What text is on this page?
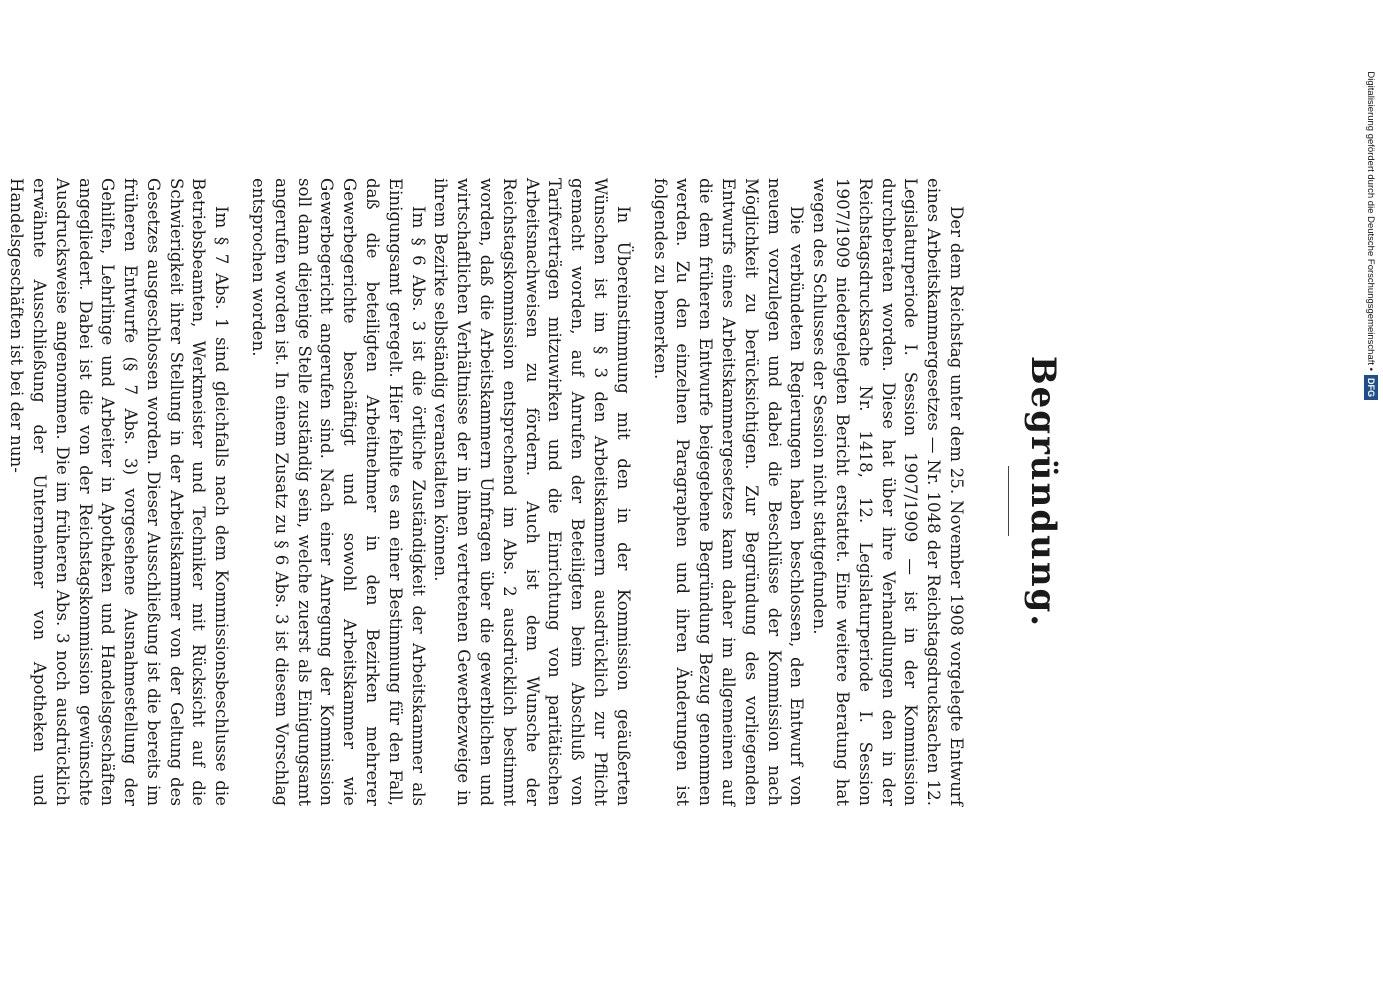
Begründung.

Der dem Reichstag unter dem 25. November 1908 vorgelegte Entwurf eines Arbeitskammergesetzes — Nr. 1048 der Reichstagsdrucksachen 12. Legislaturperiode I. Session 1907/1909 — ist in der Kommission durchberaten worden. Diese hat über ihre Verhandlungen den in der Reichstagsdrucksache Nr. 1418, 12. Legislaturperiode I. Session 1907/1909 niedergelegten Bericht erstattet. Eine weitere Beratung hat wegen des Schlusses der Session nicht stattgefunden.

Die verbündeten Regierungen haben beschlossen, den Entwurf von neuem vorzulegen und dabei die Beschlüsse der Kommission nach Möglichkeit zu berücksichtigen. Zur Begründung des vorliegenden Entwurfs eines Arbeitskammergesetzes kann daher im allgemeinen auf die dem früheren Entwurfe beigegebene Begründung Bezug genommen werden. Zu den einzelnen Paragraphen und ihren Änderungen ist folgendes zu bemerken.

In Übereinstimmung mit den in der Kommission geäußerten Wünschen ist im § 3 den Arbeitskammern ausdrücklich zur Pflicht gemacht worden, auf Anrufen der Beteiligten beim Abschluß von Tarifverträgen mitzuwirken und die Einrichtung von paritätischen Arbeitsnachweisen zu fördern. Auch ist dem Wunsche der Reichstagskommission entsprechend im Abs. 2 ausdrücklich bestimmt worden, daß die Arbeitskammern Umfragen über die gewerblichen und wirtschaftlichen Verhältnisse der in ihnen vertretenen Gewerbezweige in ihrem Bezirke selbständig veranstalten können.

Im § 6 Abs. 3 ist die örtliche Zuständigkeit der Arbeitskammer als Einigungsamt geregelt. Hier fehlte es an einer Bestimmung für den Fall, daß die beteiligten Arbeitnehmer in den Bezirken mehrerer Gewerbegerichte beschäftigt und sowohl Arbeitskammer wie Gewerbegericht angerufen sind. Nach einer Anregung der Kommission soll dann diejenige Stelle zuständig sein, welche zuerst als Einigungsamt angerufen worden ist. In einem Zusatz zu § 6 Abs. 3 ist diesem Vorschlag entsprochen worden.

Im § 7 Abs. 1 sind gleichfalls nach dem Kommissionsbeschlusse die Betriebsbeamten, Werkmeister und Techniker mit Rücksicht auf die Schwierigkeit ihrer Stellung in der Arbeitskammer von der Geltung des Gesetzes ausgeschlossen worden. Dieser Ausschließung ist die bereits im früheren Entwurfe (§ 7 Abs. 3) vorgesehene Ausnahmestellung der Gehilfen, Lehrlinge und Arbeiter in Apotheken und Handelsgeschäften angegliedert. Dabei ist die von der Reichstagskommission gewünschte Ausdrucksweise angenommen. Die im früheren Abs. 3 noch ausdrücklich erwähnte Ausschließung der Unternehmer von Apotheken und Handelsgeschäften ist bei der nun-	Digitalisierung gefördert durch die Deutsche Forschungsgemeinschaft •
DFG
